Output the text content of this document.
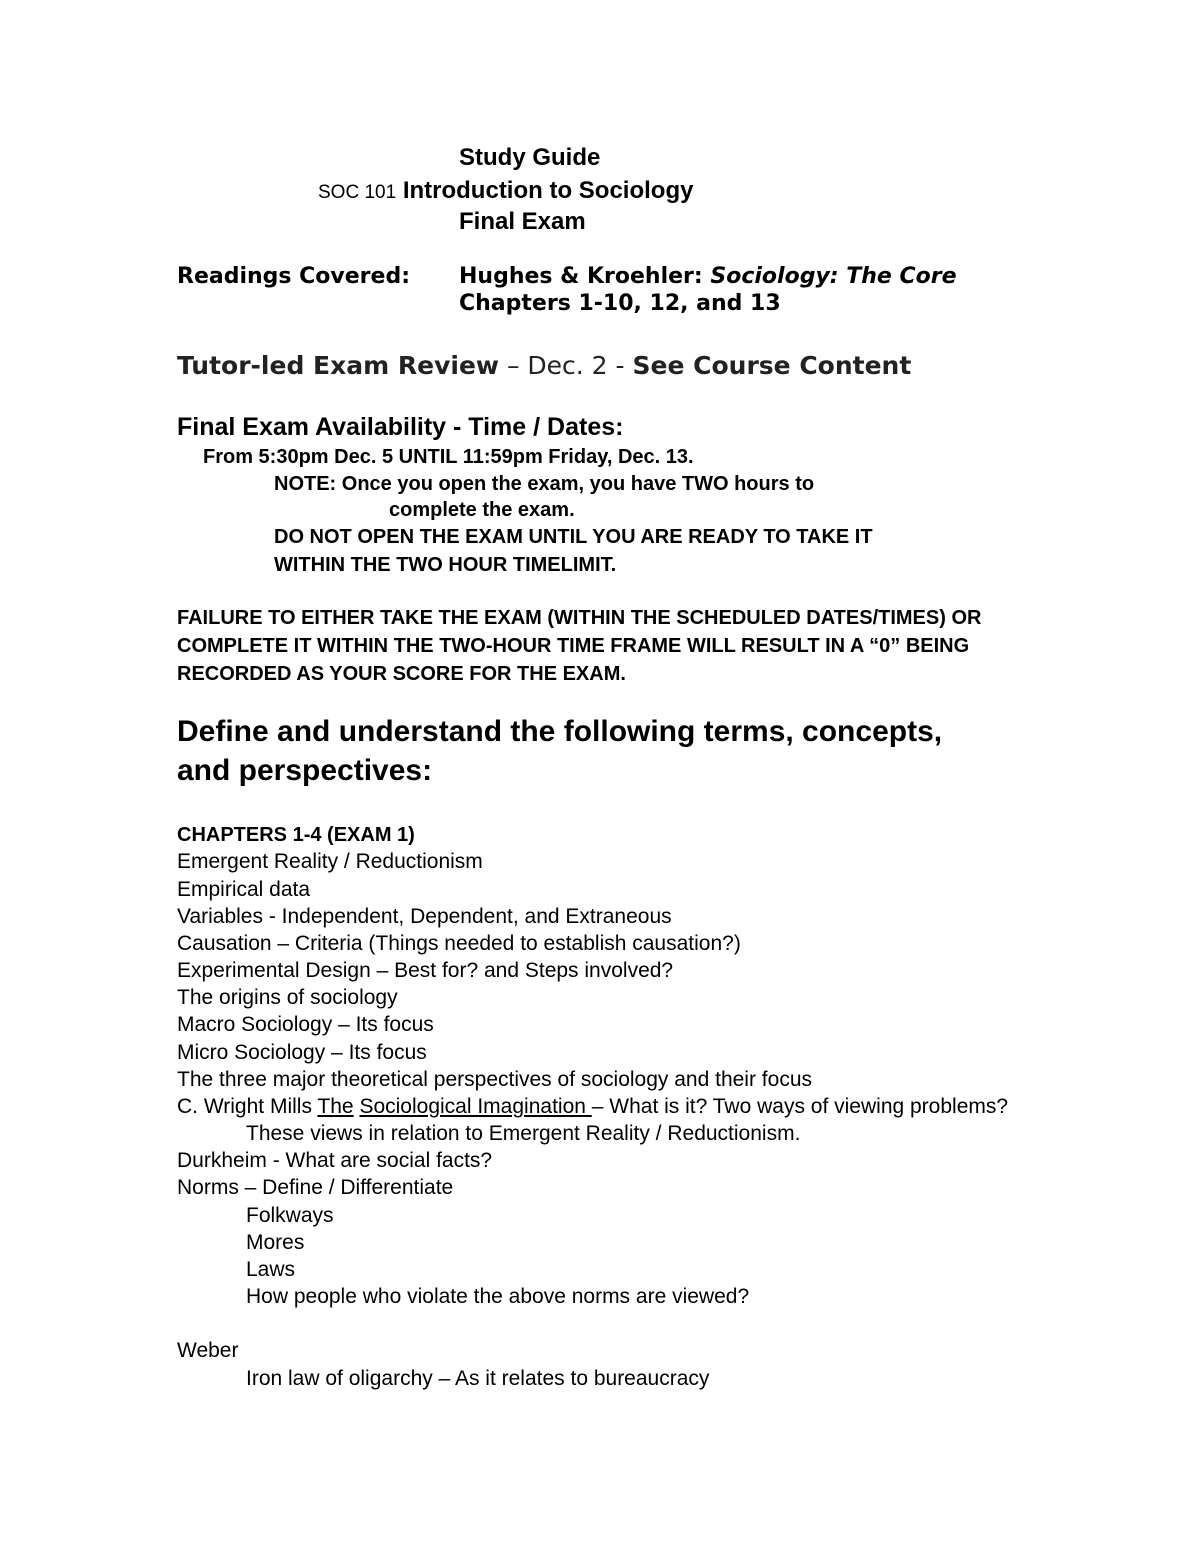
Study Guide
SOC 101 Introduction to Sociology
Final Exam
Readings Covered: Hughes & Kroehler: Sociology: The Core
Chapters 1-10, 12, and 13
Tutor-led Exam Review – Dec. 2 - See Course Content
Final Exam Availability - Time / Dates:
From 5:30pm Dec. 5 UNTIL 11:59pm Friday, Dec. 13.
NOTE: Once you open the exam, you have TWO hours to
complete the exam.
DO NOT OPEN THE EXAM UNTIL YOU ARE READY TO TAKE IT
WITHIN THE TWO HOUR TIMELIMIT.
FAILURE TO EITHER TAKE THE EXAM (WITHIN THE SCHEDULED DATES/TIMES) OR
COMPLETE IT WITHIN THE TWO-HOUR TIME FRAME WILL RESULT IN A “0” BEING
RECORDED AS YOUR SCORE FOR THE EXAM.
Define and understand the following terms, concepts,
and perspectives:
CHAPTERS 1-4 (EXAM 1)
Emergent Reality / Reductionism
Empirical data
Variables - Independent, Dependent, and Extraneous
Causation – Criteria (Things needed to establish causation?)
Experimental Design – Best for? and Steps involved?
The origins of sociology
Macro Sociology – Its focus
Micro Sociology – Its focus
The three major theoretical perspectives of sociology and their focus
C. Wright Mills The Sociological Imagination – What is it? Two ways of viewing problems?
These views in relation to Emergent Reality / Reductionism.
Durkheim - What are social facts?
Norms – Define / Differentiate
Folkways
Mores
Laws
How people who violate the above norms are viewed?
Weber
Iron law of oligarchy – As it relates to bureaucracy
